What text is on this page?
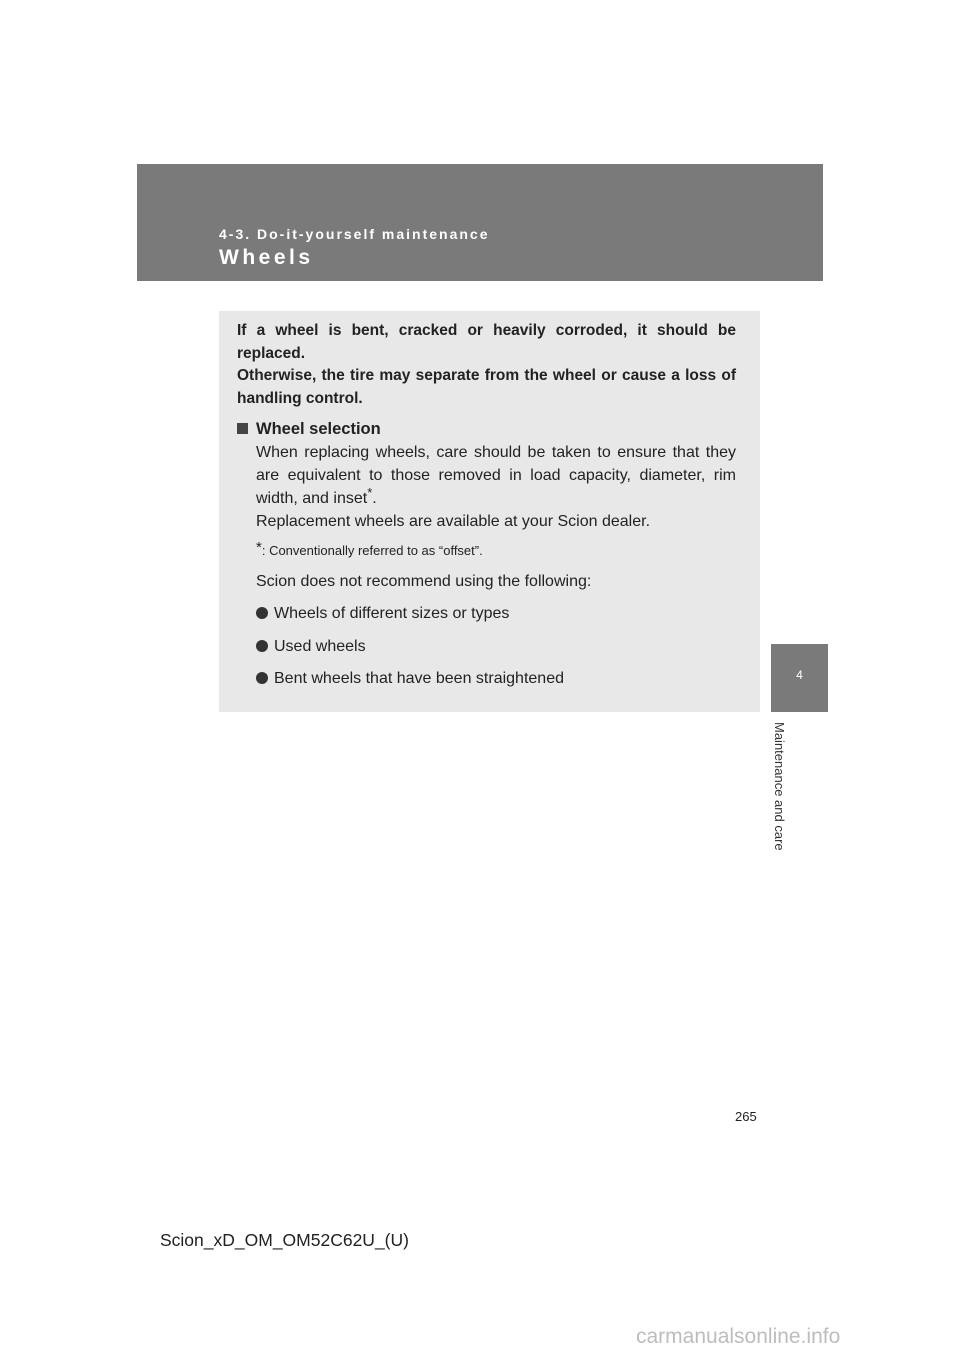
4-3. Do-it-yourself maintenance
Wheels
4
Maintenance and care

If a wheel is bent, cracked or heavily corroded, it should be replaced.

Otherwise, the tire may separate from the wheel or cause a loss of handling control.

Wheel selection

When replacing wheels, care should be taken to ensure that they are equivalent to those removed in load capacity, diameter, rim width, and inset*.

Replacement wheels are available at your Scion dealer.

*: Conventionally referred to as “offset”.
Scion does not recommend using the following:
Wheels of different sizes or types
Used wheels
Bent wheels that have been straightened
265
Scion_xD_OM_OM52C62U_(U)
carmanualsonline.info
